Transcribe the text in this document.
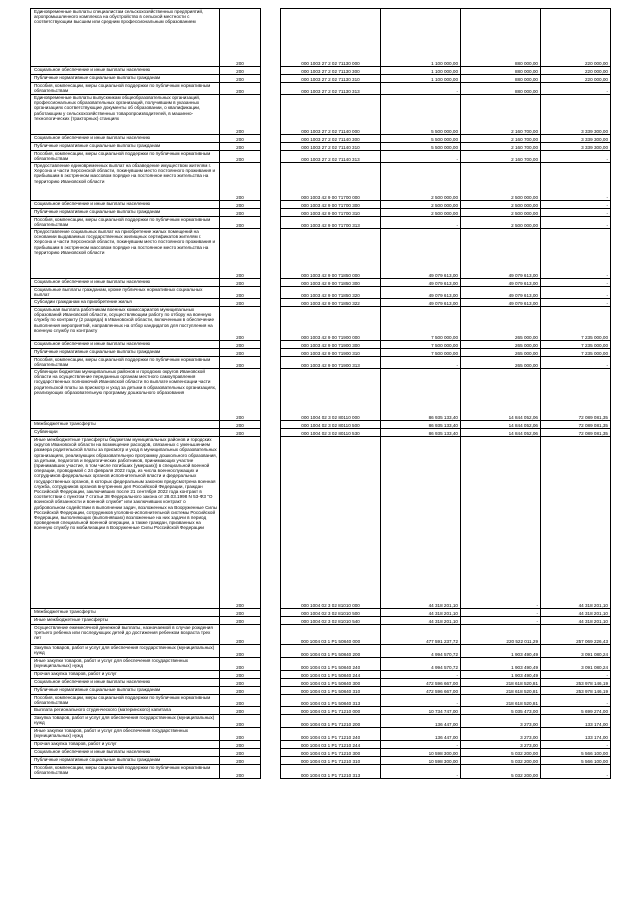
Единовременные выплаты специалистам сельскохозяйственных предприятий, агропромышленного комплекса на обустройство в сельской местности с соответствующим высшим или средним профессиональным образованием	200		000 1003 27 2 02 71130 000	1 100 000,00	880 000,00	220 000,00
Социальное обеспечение и иные выплаты населению	200		000 1003 27 2 02 71130 300	1 100 000,00	880 000,00	220 000,00
Публичные нормативные социальные выплаты гражданам	200		000 1003 27 2 02 71130 310	1 100 000,00	880 000,00	220 000,00
Пособия, компенсации, меры социальной поддержки по публичным нормативным обязательствам	200		000 1003 27 2 02 71130 313	-	880 000,00	-
Единовременные выплаты выпускникам общеобразовательных организаций, профессиональных образовательных организаций, получившим в указанных организациях соответствующие документы об образовании, о квалификации, работающим у сельскохозяйственных товаропроизводителей, в машинно-технологических (тракторных) станциях	200		000 1003 27 2 02 71140 000	5 500 000,00	2 160 700,00	3 339 300,00
Социальное обеспечение и иные выплаты населению	200		000 1003 27 2 02 71140 300	5 500 000,00	2 160 700,00	3 339 300,00
Публичные нормативные социальные выплаты гражданам	200		000 1003 27 2 02 71140 310	5 500 000,00	2 160 700,00	3 339 300,00
Пособия, компенсации, меры социальной поддержки по публичным нормативным обязательствам	200		000 1003 27 2 02 71140 313	-	2 160 700,00	-
Предоставление единовременных выплат на обзаведение имуществом жителям г. Херсона и части Херсонской области, покинувшим место постоянного проживания и прибывшим в экстренном массовом порядке на постоянное место жительства на территорию Ивановской области	200		000 1003 42 9 00 71700 000	2 500 000,00	2 500 000,00	-
Социальное обеспечение и иные выплаты населению	200		000 1003 42 9 00 71700 300	2 500 000,00	2 500 000,00	-
Публичные нормативные социальные выплаты гражданам	200		000 1003 42 9 00 71700 310	2 500 000,00	2 500 000,00	-
Пособия, компенсации, меры социальной поддержки по публичным нормативным обязательствам	200		000 1003 42 9 00 71700 313	-	2 500 000,00	-
Предоставление социальных выплат на приобретение жилых помещений на основании выдаваемых государственных жилищных сертификатов жителям г. Херсона и части Херсонской области, покинувшим место постоянного проживания и прибывшим в экстренном массовом порядке на постоянное место жительства на территорию Ивановской области	200		000 1003 42 9 00 71850 000	49 079 613,00	49 079 613,00	-
Социальное обеспечение и иные выплаты населению	200		000 1003 42 9 00 71850 300	49 079 613,00	49 079 613,00	-
Социальные выплаты гражданам, кроме публичных нормативных социальных выплат	200		000 1003 42 9 00 71850 320	49 079 613,00	49 079 613,00	-
Субсидии гражданам на приобретение жилья	200		000 1003 42 9 00 71850 322	49 079 613,00	49 079 613,00	-
Социальная выплата работникам военных комиссариатов муниципальных образований Ивановской области, осуществляющим работу по отбору на военную службу по контракту (2 разряда) в Ивановской области, включенным в обеспечение выполнения мероприятий, направленных на отбор кандидатов для поступления на военную службу по контракту	200		000 1003 42 9 00 71900 000	7 500 000,00	265 000,00	7 235 000,00
Социальное обеспечение и иные выплаты населению	200		000 1003 42 9 00 71900 300	7 500 000,00	265 000,00	7 235 000,00
Публичные нормативные социальные выплаты гражданам	200		000 1003 42 9 00 71900 310	7 500 000,00	265 000,00	7 235 000,00
Пособия, компенсации, меры социальной поддержки по публичным нормативным обязательствам	200		000 1003 42 9 00 71900 313	-	265 000,00	-
Субвенции бюджетам муниципальных районов и городских округов Ивановской области на осуществление переданных органам местного самоуправления государственных полномочий Ивановской области по выплате компенсации части родительской платы за присмотр и уход за детьми в образовательных организациях, реализующих образовательную программу дошкольного образования	200		000 1004 02 3 02 80110 000	86 935 133,40	14 844 052,06	72 089 081,35
Межбюджетные трансферты	200		000 1004 02 3 02 80110 500	86 935 133,40	14 844 052,06	72 089 081,35
Субвенции	200		000 1004 02 3 02 80110 530	86 935 133,40	14 844 052,06	72 089 081,35
Иные межбюджетные трансферты бюджетам муниципальных районов и городских округов Ивановской области на возмещение расходов, связанных с уменьшением размера родительской платы за присмотр и уход в муниципальных образовательных организациях, реализующих образовательную программу дошкольного образования, за детьми, педагогов и педагогических работников, принимающих участие (принимавших участие, в том числе погибших (умерших)) в специальной военной операции, проводимой с 24 февраля 2022 года, из числа военнослужащих и сотрудников федеральных органов исполнительной власти и федеральных государственных органов, в которых федеральным законом предусмотрена военная служба, сотрудников органов внутренних дел Российской Федерации, граждан Российской Федерации, заключивших после 21 сентября 2022 года контракт в соответствии с пунктом 7 статьи 38 Федерального закона от 28.03.1998 N 53-ФЗ "О воинской обязанности и военной службе" или заключивших контракт о добровольном содействии в выполнении задач, возложенных на Вооруженные Силы Российской Федерации, сотрудников уголовно-исполнительной системы Российской Федерации, выполняющих (выполнявших) возложенные на них задачи в период проведения специальной военной операции, а также граждан, призванных на военную службу по мобилизации в Вооруженные Силы Российской Федерации	200		000 1004 02 3 02 81010 000	44 318 201,10	-	44 318 201,10
Межбюджетные трансферты	200		000 1004 02 3 02 81010 500	44 318 201,10	-	44 318 201,10
Иные межбюджетные трансферты	200		000 1004 02 3 02 81010 540	44 318 201,10	-	44 318 201,10
Осуществление ежемесячной денежной выплаты, назначаемой в случае рождения третьего ребенка или последующих детей до достижения ребенком возраста трех лет	200		000 1004 03 1 P1 50840 000	477 591 237,72	220 522 011,29	257 069 226,43
Закупка товаров, работ и услуг для обеспечения государственных (муниципальных) нужд	200		000 1004 03 1 P1 50840 200	4 994 570,72	1 903 490,49	3 091 080,24
Иные закупки товаров, работ и услуг для обеспечения государственных (муниципальных) нужд	200		000 1004 03 1 P1 50840 240	4 994 570,72	1 903 490,49	3 091 080,24
Прочая закупка товаров, работ и услуг	200		000 1004 03 1 P1 50840 244	-	1 903 490,49	-
Социальное обеспечение и иные выплаты населению	200		000 1004 03 1 P1 50840 300	472 596 667,00	218 618 520,81	253 978 146,19
Публичные нормативные социальные выплаты гражданам	200		000 1004 03 1 P1 50840 310	472 596 667,00	218 618 520,81	253 978 146,19
Пособия, компенсации, меры социальной поддержки по публичным нормативным обязательствам	200		000 1004 03 1 P1 50840 313	-	218 618 520,81	-
Выплата регионального студенческого (материнского) капитала	200		000 1004 03 1 P1 71210 000	10 734 747,00	5 035 473,00	5 699 274,00
Закупка товаров, работ и услуг для обеспечения государственных (муниципальных) нужд	200		000 1004 03 1 P1 71210 200	136 447,00	3 273,00	133 174,00
Иные закупки товаров, работ и услуг для обеспечения государственных (муниципальных) нужд	200		000 1004 03 1 P1 71210 240	136 447,00	3 273,00	133 174,00
Прочая закупка товаров, работ и услуг	200		000 1004 03 1 P1 71210 244	-	3 273,00	-
Социальное обеспечение и иные выплаты населению	200		000 1004 03 1 P1 71210 300	10 598 300,00	5 032 200,00	5 566 100,00
Публичные нормативные социальные выплаты гражданам	200		000 1004 03 1 P1 71210 310	10 598 300,00	5 032 200,00	5 566 100,00
Пособия, компенсации, меры социальной поддержки по публичным нормативным обязательствам	200		000 1004 03 1 P1 71210 313	-	5 032 200,00	-
